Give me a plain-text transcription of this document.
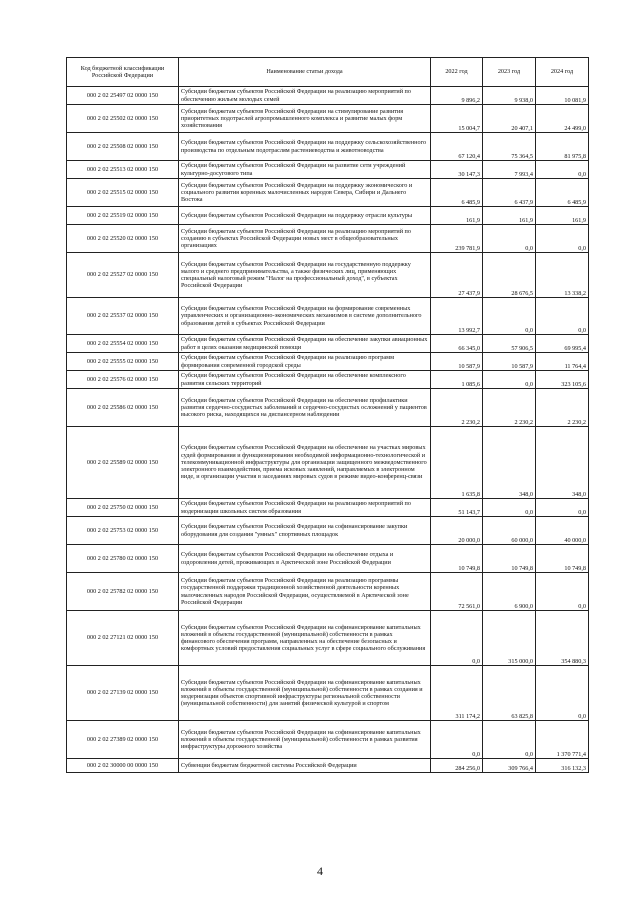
Код бюджетной классификации Российской Федерации	Наименование статьи дохода	2022 год	2023 год	2024 год
000 2 02 25497 02 0000 150	Субсидии бюджетам субъектов Российской Федерации на реализацию мероприятий по обеспечению жильем молодых семей	9 896,2	9 938,0	10 081,9
000 2 02 25502 02 0000 150	Субсидии бюджетам субъектов Российской Федерации на стимулирование развития приоритетных подотраслей агропромышленного комплекса и развитие малых форм хозяйствования	15 004,7	20 407,1	24 499,0
000 2 02 25508 02 0000 150	Субсидии бюджетам субъектов Российской Федерации на поддержку сельскохозяйственного производства по отдельным подотраслям растениеводства и животноводства	67 120,4	75 364,5	81 975,8
000 2 02 25513 02 0000 150	Субсидии бюджетам субъектов Российской Федерации на развитие сети учреждений культурно-досугового типа	30 147,3	7 993,4	0,0
000 2 02 25515 02 0000 150	Субсидии бюджетам субъектов Российской Федерации на поддержку экономического и социального развития коренных малочисленных народов Севера, Сибири и Дальнего Востока	6 485,9	6 437,9	6 485,9
000 2 02 25519 02 0000 150	Субсидии бюджетам субъектов Российской Федерации на поддержку отрасли культуры	161,9	161,9	161,9
000 2 02 25520 02 0000 150	Субсидии бюджетам субъектов Российской Федерации на реализацию мероприятий по созданию в субъектах Российской Федерации новых мест в общеобразовательных организациях	239 781,9	0,0	0,0
000 2 02 25527 02 0000 150	Субсидии бюджетам субъектов Российской Федерации на государственную поддержку малого и среднего предпринимательства, а также физических лиц, применяющих специальный налоговый режим "Налог на профессиональный доход", в субъектах Российской Федерации	27 437,9	28 676,5	13 338,2
000 2 02 25537 02 0000 150	Субсидии бюджетам субъектов Российской Федерации на формирование современных управленческих и организационно-экономических механизмов в системе дополнительного образования детей в субъектах Российской Федерации	13 992,7	0,0	0,0
000 2 02 25554 02 0000 150	Субсидии бюджетам субъектов Российской Федерации на обеспечение закупки авиационных работ в целях оказания медицинской помощи	66 345,0	57 906,5	69 995,4
000 2 02 25555 02 0000 150	Субсидии бюджетам субъектов Российской Федерации на реализацию программ формирования современной городской среды	10 587,9	10 587,9	11 764,4
000 2 02 25576 02 0000 150	Субсидии бюджетам субъектов Российской Федерации на обеспечение комплексного развития сельских территорий	1 085,6	0,0	323 105,6
000 2 02 25586 02 0000 150	Субсидии бюджетам субъектов Российской Федерации на обеспечение профилактики развития сердечно-сосудистых заболеваний и сердечно-сосудистых осложнений у пациентов высокого риска, находящихся на диспансерном наблюдении	2 230,2	2 230,2	2 230,2
000 2 02 25589 02 0000 150	Субсидии бюджетам субъектов Российской Федерации на обеспечение на участках мировых судей формирования и функционирования необходимой информационно-технологической и телекоммуникационной инфраструктуры для организации защищенного межведомственного электронного взаимодействия, приема исковых заявлений, направляемых в электронном виде, и организации участия в заседаниях мировых судов в режиме видео-конференц-связи	1 635,8	348,0	348,0
000 2 02 25750 02 0000 150	Субсидии бюджетам субъектов Российской Федерации на реализацию мероприятий по модернизации школьных систем образования	51 143,7	0,0	0,0
000 2 02 25753 02 0000 150	Субсидии бюджетам субъектов Российской Федерации на софинансирование закупки оборудования для создания "умных" спортивных площадок	20 000,0	60 000,0	40 000,0
000 2 02 25780 02 0000 150	Субсидии бюджетам субъектов Российской Федерации на обеспечение отдыха и оздоровления детей, проживающих в Арктической зоне Российской Федерации	10 749,8	10 749,8	10 749,8
000 2 02 25782 02 0000 150	Субсидии бюджетам субъектов Российской Федерации на реализацию программы государственной поддержки традиционной хозяйственной деятельности коренных малочисленных народов Российской Федерации, осуществляемой в Арктической зоне Российской Федерации	72 561,0	6 900,0	0,0
000 2 02 27121 02 0000 150	Субсидии бюджетам субъектов Российской Федерации на софинансирование капитальных вложений в объекты государственной (муниципальной) собственности в рамках финансового обеспечения программ, направленных на обеспечение безопасных и комфортных условий предоставления социальных услуг в сфере социального обслуживания	0,0	315 000,0	354 880,3
000 2 02 27139 02 0000 150	Субсидии бюджетам субъектов Российской Федерации на софинансирование капитальных вложений в объекты государственной (муниципальной) собственности в рамках создания и модернизации объектов спортивной инфраструктуры региональной собственности (муниципальной собственности) для занятий физической культурой и спортом	311 174,2	63 825,8	0,0
000 2 02 27389 02 0000 150	Субсидии бюджетам субъектов Российской Федерации на софинансирование капитальных вложений в объекты государственной (муниципальной) собственности в рамках развития инфраструктуры дорожного хозяйства	0,0	0,0	1 370 771,4
000 2 02 30000 00 0000 150	Субвенции бюджетам бюджетной системы Российской Федерации	284 256,0	309 766,4	316 132,3
4
